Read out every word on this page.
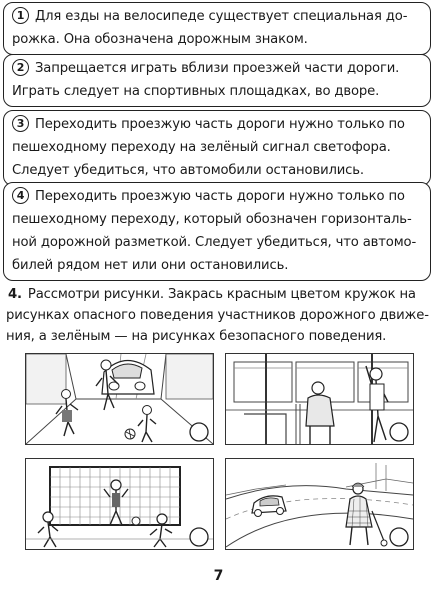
1 Для езды на велосипеде существует специальная дорожка. Она обозначена дорожным знаком.
2 Запрещается играть вблизи проезжей части дороги. Играть следует на спортивных площадках, во дворе.
3 Переходить проезжую часть дороги нужно только по пешеходному переходу на зелёный сигнал светофора. Следует убедиться, что автомобили остановились.
4 Переходить проезжую часть дороги нужно только по пешеходному переходу, который обозначен горизонтальной дорожной разметкой. Следует убедиться, что автомобилей рядом нет или они остановились.
4. Рассмотри рисунки. Закрась красным цветом кружок на рисунках опасного поведения участников дорожного движения, а зелёным — на рисунках безопасного поведения.
7
